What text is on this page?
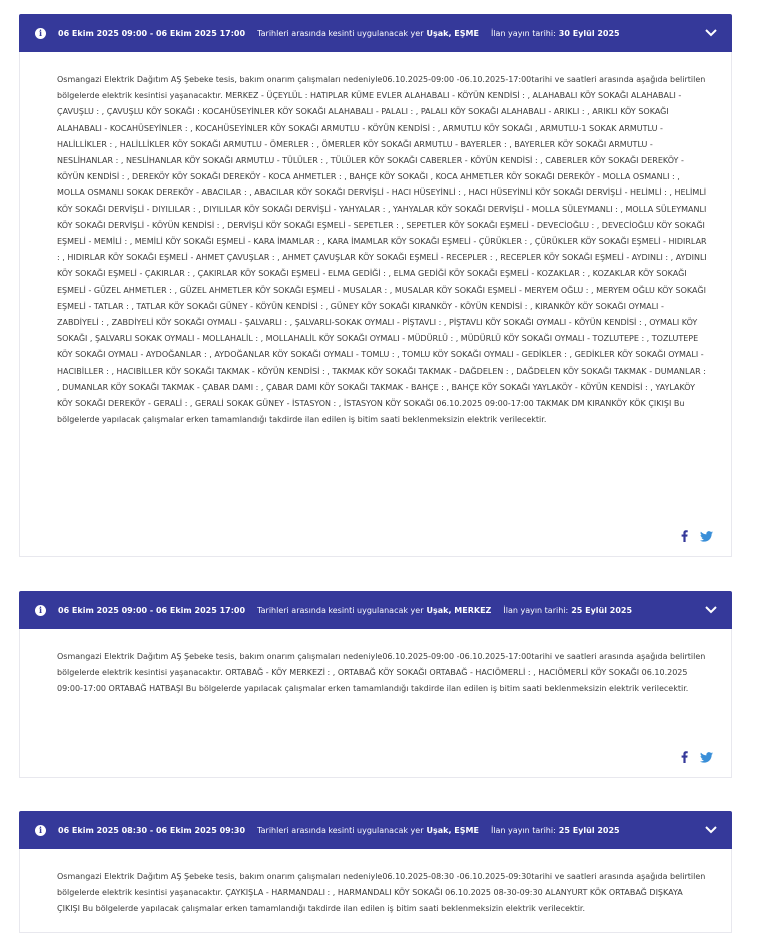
i	06 Ekim 2025 09:00 - 06 Ekim 2025 17:00 Tarihleri arasında kesinti uygulanacak yer Uşak, EŞME İlan yayın tarihi: 30 Eylül 2025

Osmangazi Elektrik Dağıtım AŞ Şebeke tesis, bakım onarım çalışmaları nedeniyle06.10.2025-09:00 -06.10.2025-17:00tarihi ve saatleri arasında aşağıda belirtilen bölgelerde elektrik kesintisi yaşanacaktır. MERKEZ - ÜÇEYLÜL : HATIPLAR KÜME EVLER ALAHABALI - KÖYÜN KENDİSİ : , ALAHABALI KÖY SOKAĞI ALAHABALI - ÇAVUŞLU : , ÇAVUŞLU KÖY SOKAĞI : KOCAHÜSEYİNLER KÖY SOKAĞI ALAHABALI - PALALI : , PALALI KÖY SOKAĞI ALAHABALI - ARIKLI : , ARIKLI KÖY SOKAĞI ALAHABALI - KOCAHÜSEYİNLER : , KOCAHÜSEYİNLER KÖY SOKAĞI ARMUTLU - KÖYÜN KENDİSİ : , ARMUTLU KÖY SOKAĞI , ARMUTLU-1 SOKAK ARMUTLU - HALİLLİKLER : , HALİLLİKLER KÖY SOKAĞI ARMUTLU - ÖMERLER : , ÖMERLER KÖY SOKAĞI ARMUTLU - BAYERLER : , BAYERLER KÖY SOKAĞI ARMUTLU - NESLİHANLAR : , NESLİHANLAR KÖY SOKAĞI ARMUTLU - TÜLÜLER : , TÜLÜLER KÖY SOKAĞI CABERLER - KÖYÜN KENDİSİ : , CABERLER KÖY SOKAĞI DEREKÖY - KÖYÜN KENDİSİ : , DEREKÖY KÖY SOKAĞI DEREKÖY - KOCA AHMETLER : , BAHÇE KÖY SOKAĞI , KOCA AHMETLER KÖY SOKAĞI DEREKÖY - MOLLA OSMANLI : , MOLLA OSMANLI SOKAK DEREKÖY - ABACILAR : , ABACILAR KÖY SOKAĞI DERVİŞLİ - HACI HÜSEYİNLİ : , HACI HÜSEYİNLİ KÖY SOKAĞI DERVİŞLİ - HELİMLİ : , HELİMLİ KÖY SOKAĞI DERVİŞLİ - DIYILILAR : , DIYILILAR KÖY SOKAĞI DERVİŞLİ - YAHYALAR : , YAHYALAR KÖY SOKAĞI DERVİŞLİ - MOLLA SÜLEYMANLI : , MOLLA SÜLEYMANLI KÖY SOKAĞI DERVİŞLİ - KÖYÜN KENDİSİ : , DERVİŞLİ KÖY SOKAĞI EŞMELİ - SEPETLER : , SEPETLER KÖY SOKAĞI EŞMELİ - DEVECİOĞLU : , DEVECİOĞLU KÖY SOKAĞI EŞMELİ - MEMİLİ : , MEMİLİ KÖY SOKAĞI EŞMELİ - KARA İMAMLAR : , KARA İMAMLAR KÖY SOKAĞI EŞMELİ - ÇÜRÜKLER : , ÇÜRÜKLER KÖY SOKAĞI EŞMELİ - HIDIRLAR : , HIDIRLAR KÖY SOKAĞI EŞMELİ - AHMET ÇAVUŞLAR : , AHMET ÇAVUŞLAR KÖY SOKAĞI EŞMELİ - RECEPLER : , RECEPLER KÖY SOKAĞI EŞMELİ - AYDINLI : , AYDINLI KÖY SOKAĞI EŞMELİ - ÇAKIRLAR : , ÇAKIRLAR KÖY SOKAĞI EŞMELİ - ELMA GEDİĞİ : , ELMA GEDİĞİ KÖY SOKAĞI EŞMELİ - KOZAKLAR : , KOZAKLAR KÖY SOKAĞI EŞMELİ - GÜZEL AHMETLER : , GÜZEL AHMETLER KÖY SOKAĞI EŞMELİ - MUSALAR : , MUSALAR KÖY SOKAĞI EŞMELİ - MERYEM OĞLU : , MERYEM OĞLU KÖY SOKAĞI EŞMELİ - TATLAR : , TATLAR KÖY SOKAĞI GÜNEY - KÖYÜN KENDİSİ : , GÜNEY KÖY SOKAĞI KIRANKÖY - KÖYÜN KENDİSİ : , KIRANKÖY KÖY SOKAĞI OYMALI - ZABDİYELİ : , ZABDİYELİ KÖY SOKAĞI OYMALI - ŞALVARLI : , ŞALVARLI-SOKAK OYMALI - PİŞTAVLI : , PİŞTAVLI KÖY SOKAĞI OYMALI - KÖYÜN KENDİSİ : , OYMALI KÖY SOKAĞI , ŞALVARLI SOKAK OYMALI - MOLLAHALİL : , MOLLAHALİL KÖY SOKAĞI OYMALI - MÜDÜRLÜ : , MÜDÜRLÜ KÖY SOKAĞI OYMALI - TOZLUTEPE : , TOZLUTEPE KÖY SOKAĞI OYMALI - AYDOĞANLAR : , AYDOĞANLAR KÖY SOKAĞI OYMALI - TOMLU : , TOMLU KÖY SOKAĞI OYMALI - GEDİKLER : , GEDİKLER KÖY SOKAĞI OYMALI - HACIBİLLER : , HACIBİLLER KÖY SOKAĞI TAKMAK - KÖYÜN KENDİSİ : , TAKMAK KÖY SOKAĞI TAKMAK - DAĞDELEN : , DAĞDELEN KÖY SOKAĞI TAKMAK - DUMANLAR : , DUMANLAR KÖY SOKAĞI TAKMAK - ÇABAR DAMI : , ÇABAR DAMI KÖY SOKAĞI TAKMAK - BAHÇE : , BAHÇE KÖY SOKAĞI YAYLAKÖY - KÖYÜN KENDİSİ : , YAYLAKÖY KÖY SOKAĞI DEREKÖY - GERALİ : , GERALİ SOKAK GÜNEY - İSTASYON : , İSTASYON KÖY SOKAĞI 06.10.2025 09:00-17:00 TAKMAK DM KIRANKÖY KÖK ÇIKIŞI Bu bölgelerde yapılacak çalışmalar erken tamamlandığı takdirde ilan edilen iş bitim saati beklenmeksizin elektrik verilecektir.

i	06 Ekim 2025 09:00 - 06 Ekim 2025 17:00 Tarihleri arasında kesinti uygulanacak yer Uşak, MERKEZ İlan yayın tarihi: 25 Eylül 2025

Osmangazi Elektrik Dağıtım AŞ Şebeke tesis, bakım onarım çalışmaları nedeniyle06.10.2025-09:00 -06.10.2025-17:00tarihi ve saatleri arasında aşağıda belirtilen bölgelerde elektrik kesintisi yaşanacaktır. ORTABAĞ - KÖY MERKEZİ : , ORTABAĞ KÖY SOKAĞI ORTABAĞ - HACIÖMERLİ : , HACIÖMERLİ KÖY SOKAĞI 06.10.2025 09:00-17:00 ORTABAĞ HATBAŞI Bu bölgelerde yapılacak çalışmalar erken tamamlandığı takdirde ilan edilen iş bitim saati beklenmeksizin elektrik verilecektir.

i	06 Ekim 2025 08:30 - 06 Ekim 2025 09:30 Tarihleri arasında kesinti uygulanacak yer Uşak, EŞME İlan yayın tarihi: 25 Eylül 2025

Osmangazi Elektrik Dağıtım AŞ Şebeke tesis, bakım onarım çalışmaları nedeniyle06.10.2025-08:30 -06.10.2025-09:30tarihi ve saatleri arasında aşağıda belirtilen bölgelerde elektrik kesintisi yaşanacaktır. ÇAYKIŞLA - HARMANDALI : , HARMANDALI KÖY SOKAĞI 06.10.2025 08-30-09:30 ALANYURT KÖK ORTABAĞ DIŞKAYA ÇIKIŞI Bu bölgelerde yapılacak çalışmalar erken tamamlandığı takdirde ilan edilen iş bitim saati beklenmeksizin elektrik verilecektir.
